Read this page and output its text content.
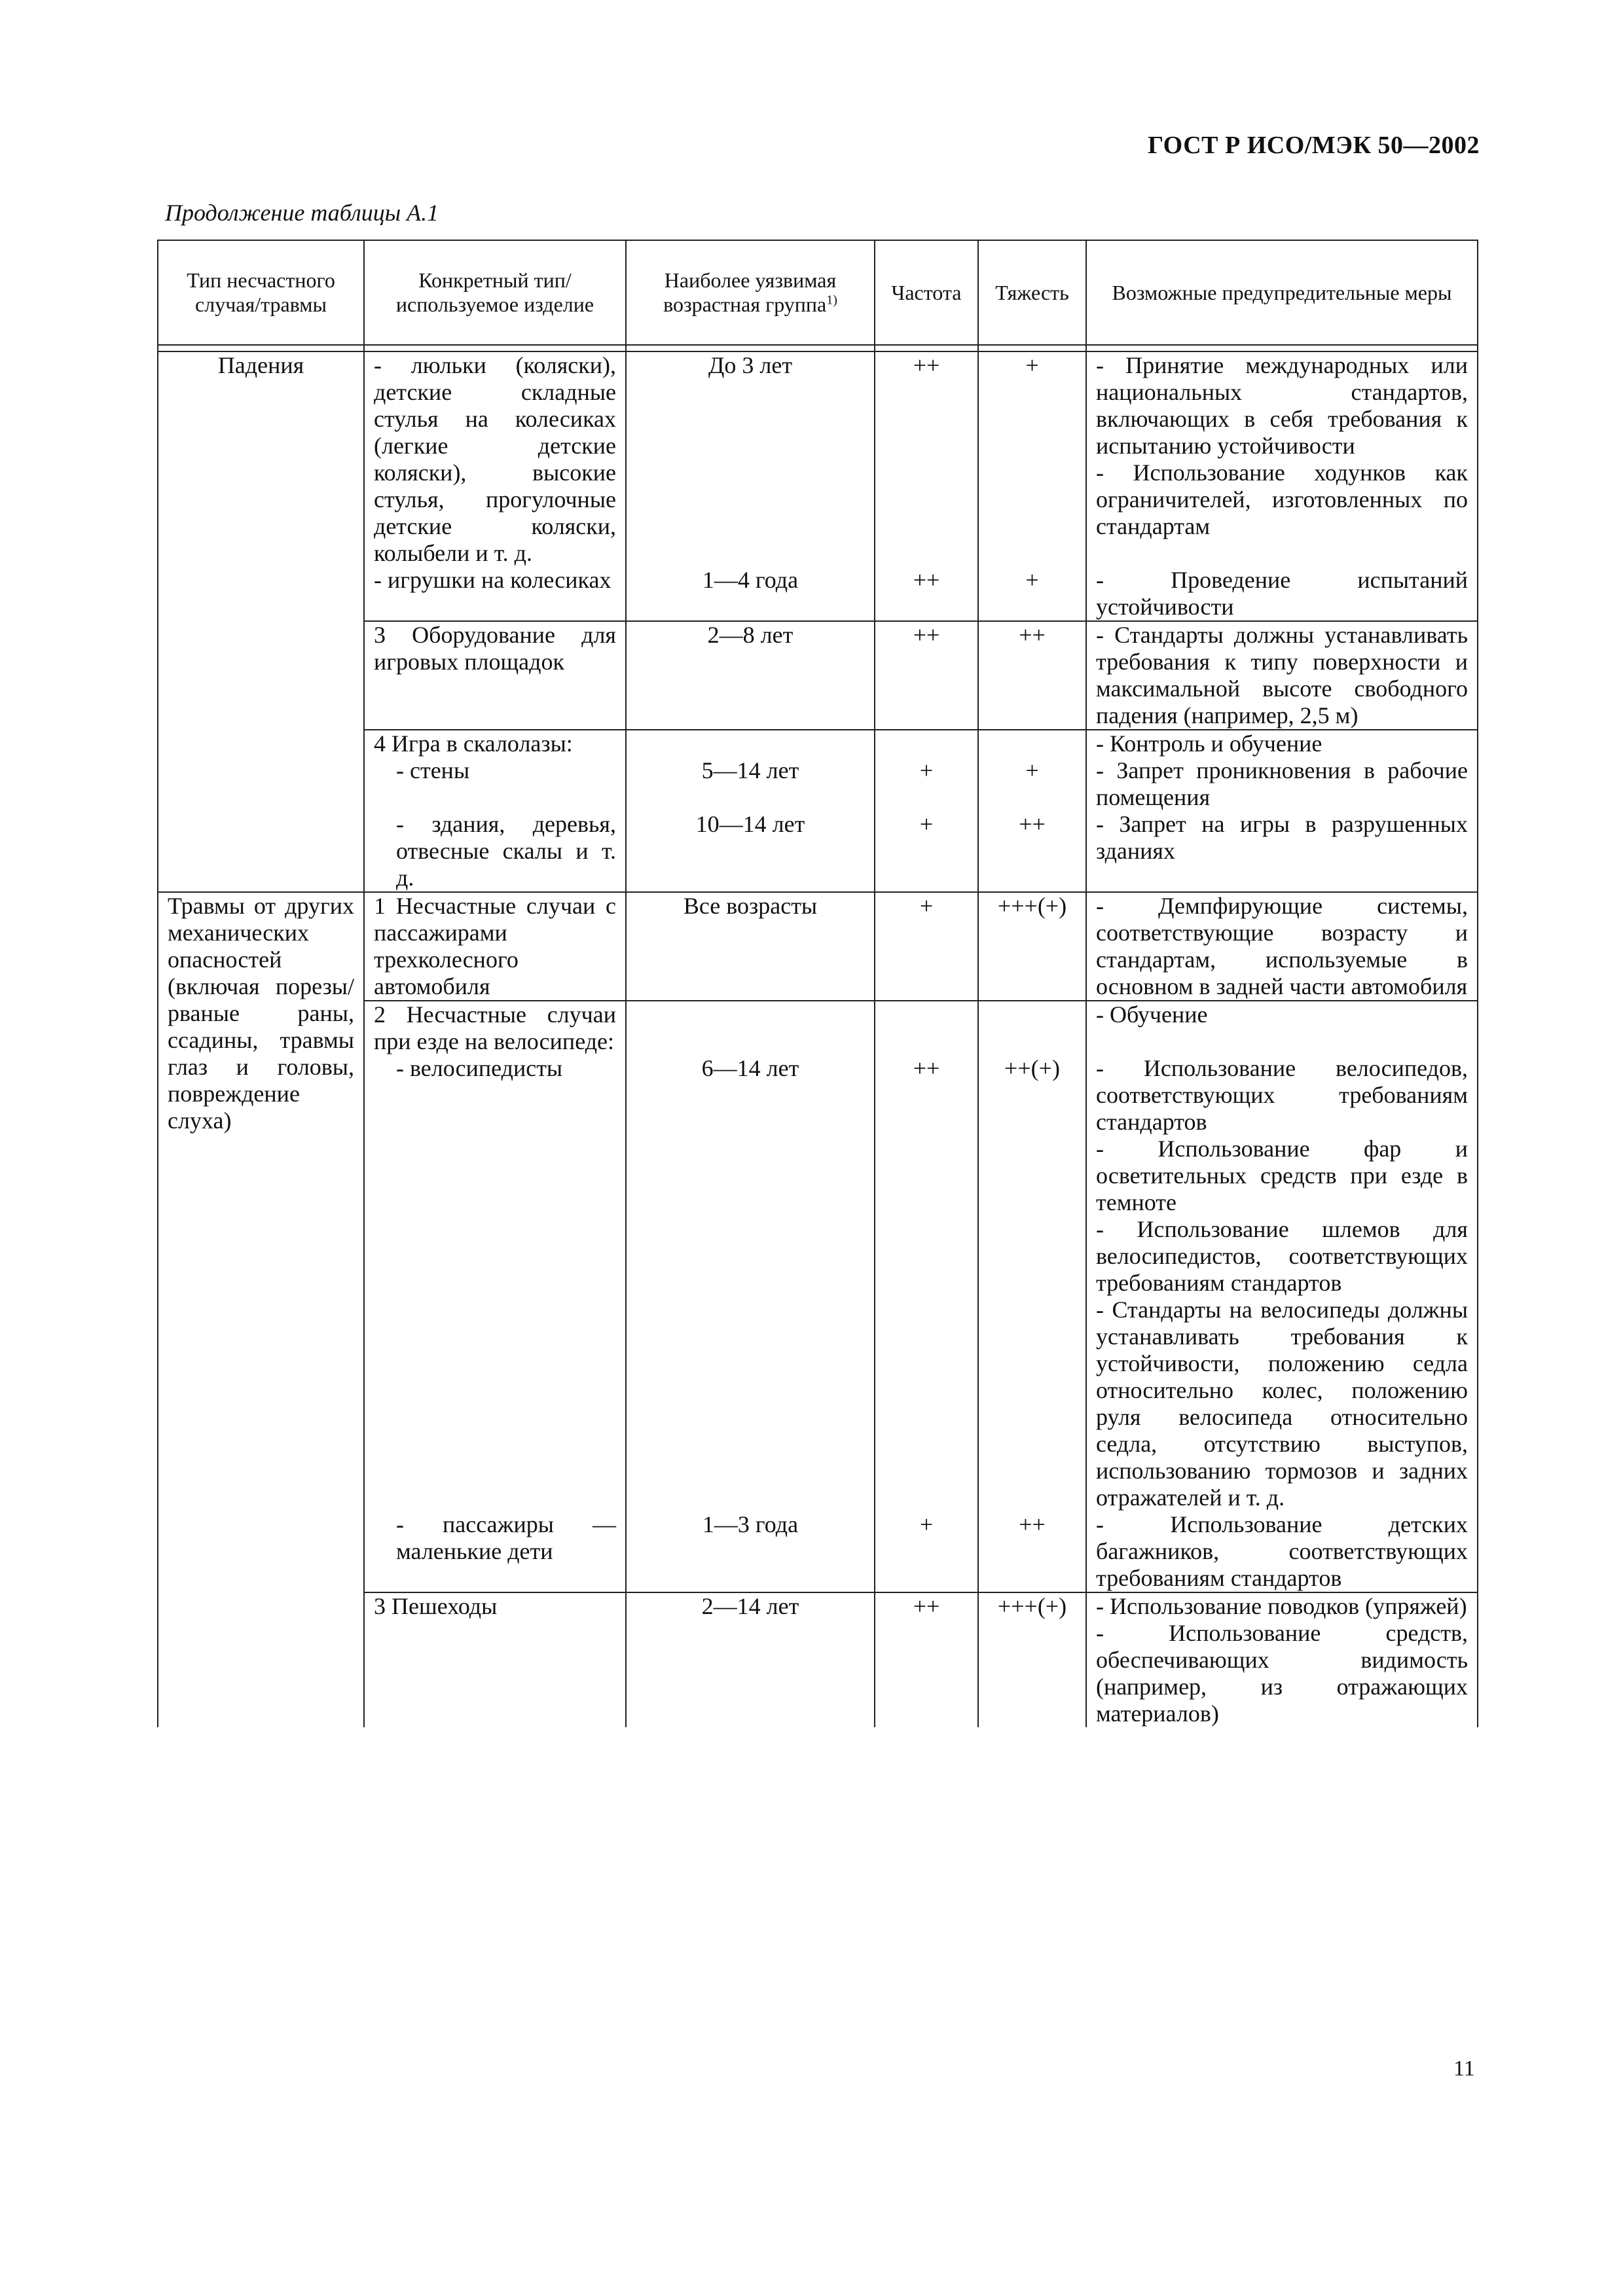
ГОСТ Р ИСО/МЭК 50—2002
Продолжение таблицы А.1
Тип несчастного случая/травмы	Конкретный тип/используемое изделие	Наиболее уязвимая возрастная группа$^{1)}$	Частота	Тяжесть	Возможные предупредительные меры

Падения	- люльки (коляски), детские складные стулья на колесиках (легкие детские коляски), высокие стулья, прогулочные детские коляски, колыбели и т. д.	До 3 лет	++	+	- Принятие международных или национальных стандартов, включающих в себя требования к испытанию устойчивости
- Использование ходунков как ограничителей, изготовленных по стандартам
	- игрушки на колесиках	1—4 года	++	+	- Проведение испытаний устойчивости
	3 Оборудование для игровых площадок	2—8 лет	++	++	- Стандарты должны устанавливать требования к типу поверхности и максимальной высоте свободного падения (например, 2,5 м)
	4 Игра в скалолазы:				- Контроль и обучение
	- стены	5—14 лет	+	+	- Запрет проникновения в рабочие помещения
	- здания, деревья, отвесные скалы и т. д.	10—14 лет	+	++	- Запрет на игры в разрушенных зданиях
Травмы от других механических опасностей (включая порезы/рваные раны, ссадины, травмы глаз и головы, повреждение слуха)	1 Несчастные случаи с пассажирами трехколесного автомобиля	Все возрасты	+	+++(+)	- Демпфирующие системы, соответствующие возрасту и стандартам, используемые в основном в задней части автомобиля
	2 Несчастные случаи при езде на велосипеде:				- Обучение
	- велосипедисты	6—14 лет	++	++(+)	- Использование велосипедов, соответствующих требованиям стандартов
- Использование фар и осветительных средств при езде в темноте
- Использование шлемов для велосипедистов, соответствующих требованиям стандартов
- Стандарты на велосипеды должны устанавливать требования к устойчивости, положению седла относительно колес, положению руля велосипеда относительно седла, отсутствию выступов, использованию тормозов и задних отражателей и т. д.
	- пассажиры — маленькие дети	1—3 года	+	++	- Использование детских багажников, соответствующих требованиям стандартов
	3 Пешеходы	2—14 лет	++	+++(+)	- Использование поводков (упряжей)
- Использование средств, обеспечивающих видимость (например, из отражающих материалов)
11
